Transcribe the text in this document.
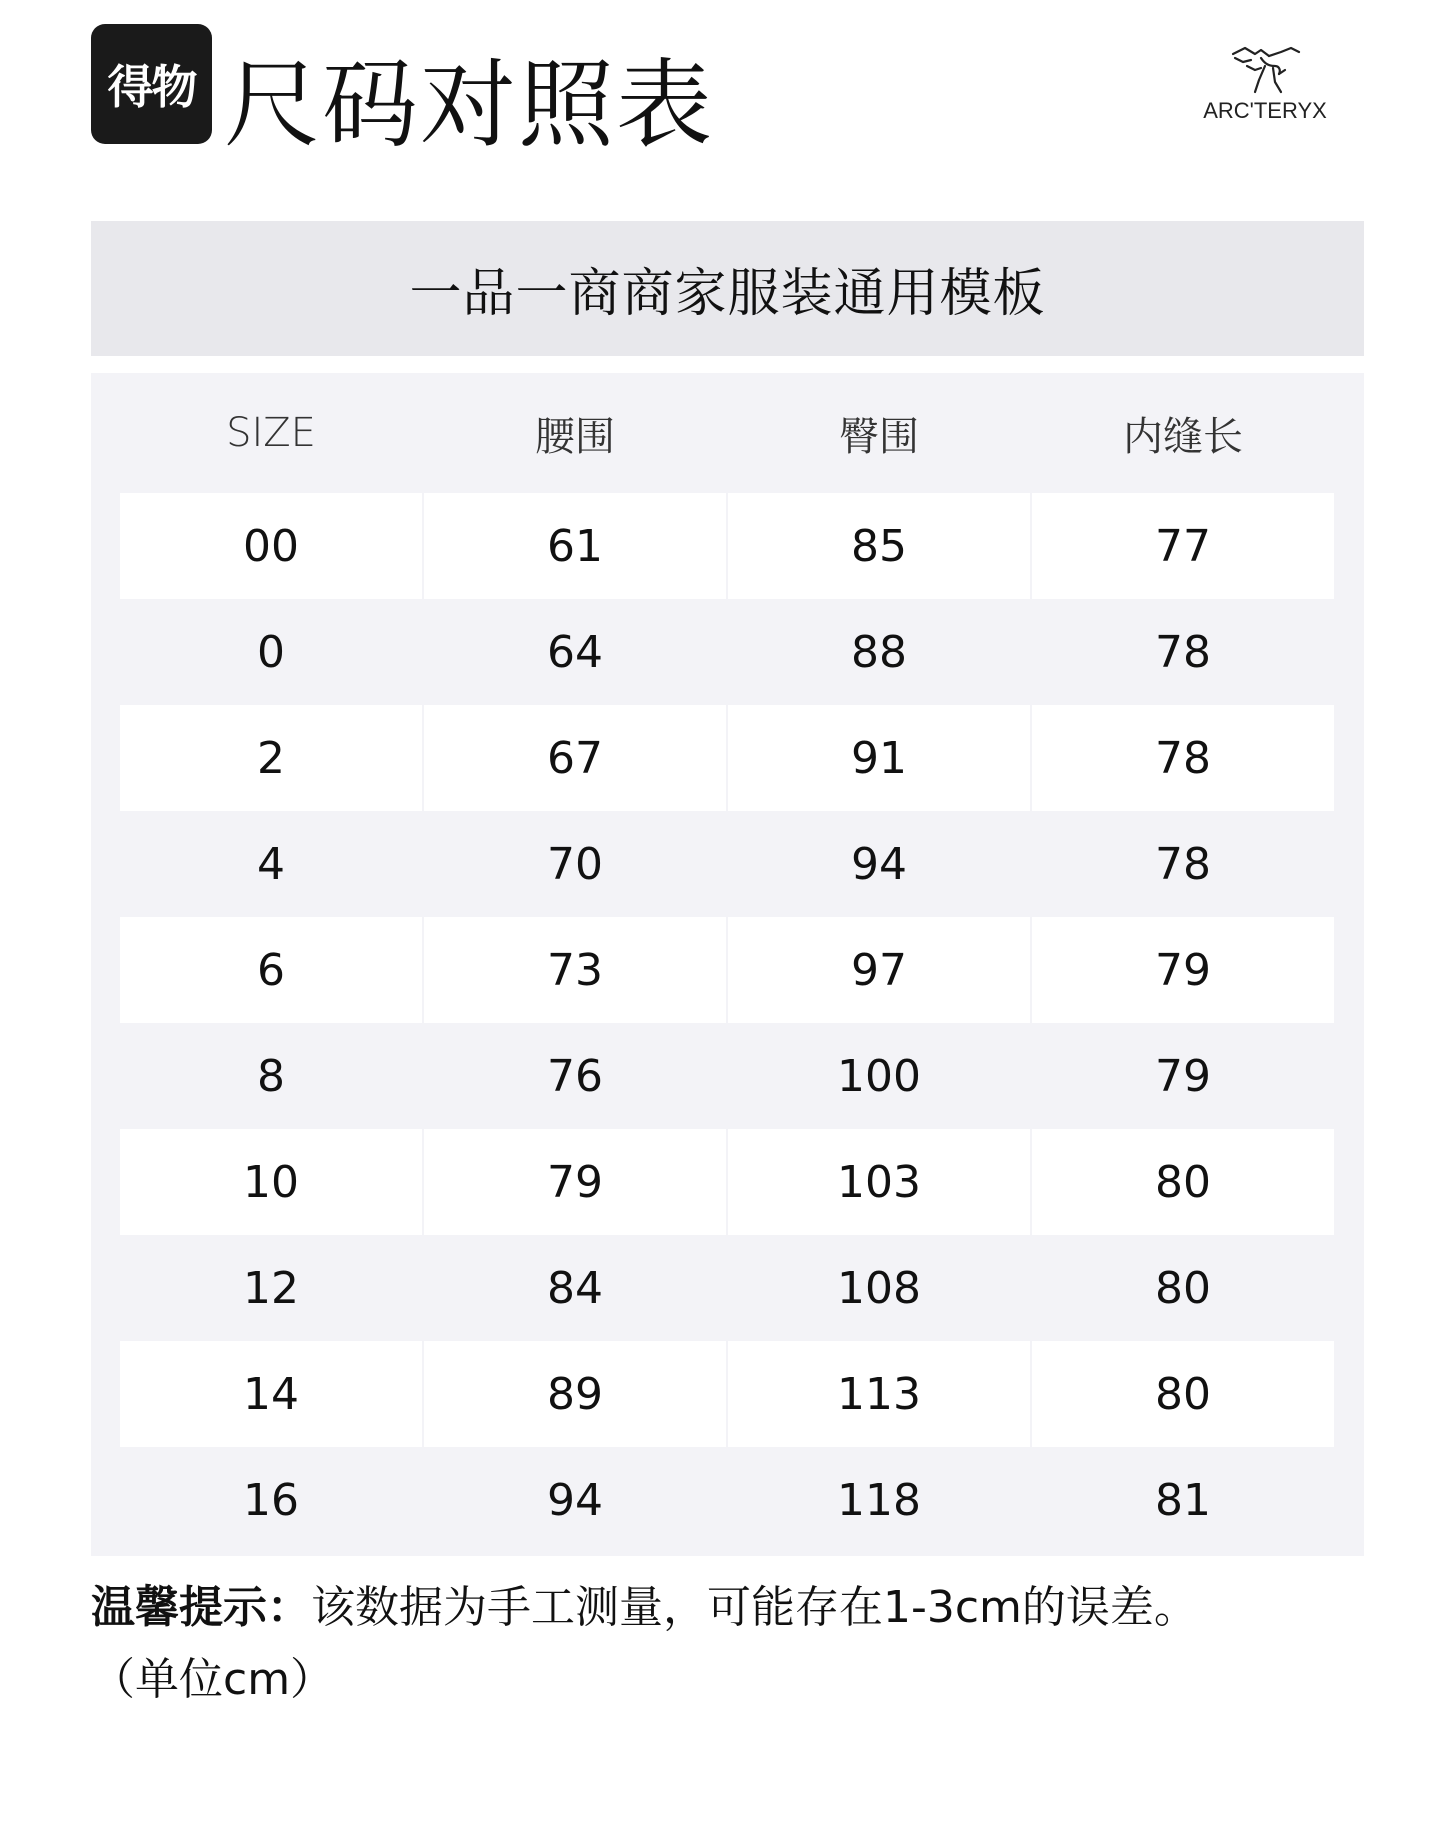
得物 尺码对照表	ARC'TERYX
一品一商商家服装通用模板
SIZE	腰围	臀围	内缝长
00	61	85	77
0	64	88	78
2	67	91	78
4	70	94	78
6	73	97	79
8	76	100	79
10	79	103	80
12	84	108	80
14	89	113	80
16	94	118	81
温馨提示：该数据为手工测量，可能存在1-3cm的误差。
（单位cm）
